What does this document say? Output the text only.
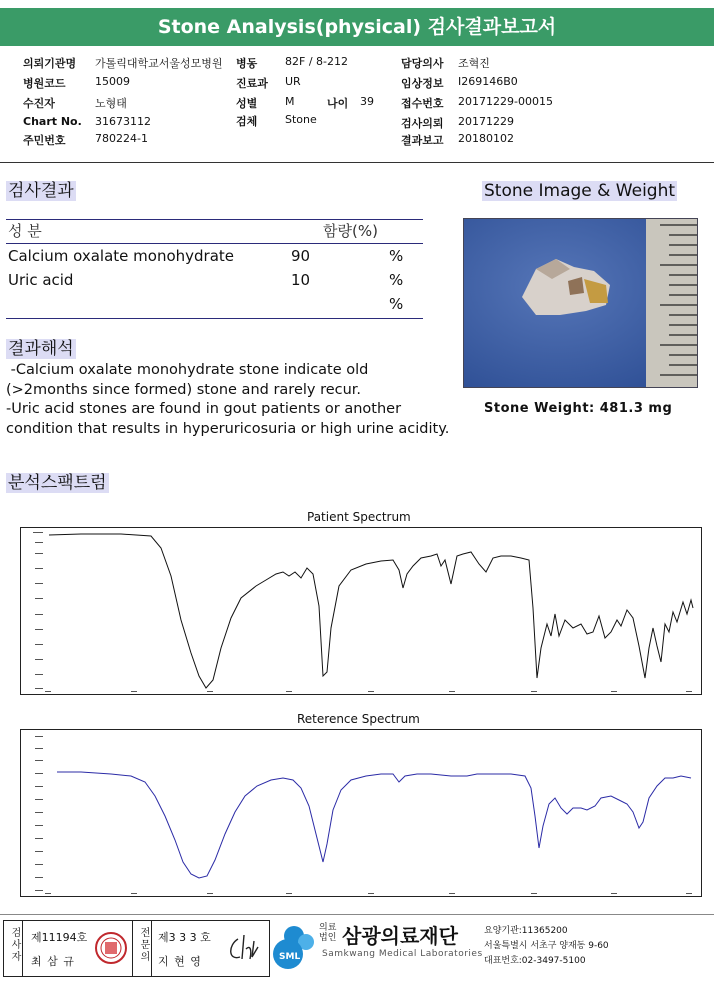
Stone Analysis(physical) 검사결과보고서
의뢰기관명 가톨릭대학교서울성모병원 병동	82F / 8-212	담당의사 조혁진
병원코드	15009	진료과 UR	임상정보 I269146B0
수진자	노형태	성별	M	나이 39 접수번호 20171229-00015
Chart No. 31673112	검체	Stone	검사의뢰 20171229
주민번호	780224-1	결과보고 20180102
검사결과
성 분	함량(%)
Calcium oxalate monohydrate	90	%
Uric acid	10	%
%
결과해석
-Calcium oxalate monohydrate stone indicate old
(>2months since formed) stone and rarely recur.
-Uric acid stones are found in gout patients or another
condition that results in hyperuricosuria or high urine acidity.
Stone Image & Weight
Stone Weight: 481.3 mg
분석스팩트럼
Patient Spectrum
Reterence Spectrum
검사자 제11194호
최 삼 규	전문의 제3 3 3 호
지 현 영	SML
의료법인 삼광의료재단
Samkwang Medical Laboratories
요양기관:11365200
서울특별시 서초구 양재동 9-60
대표번호:02-3497-5100
